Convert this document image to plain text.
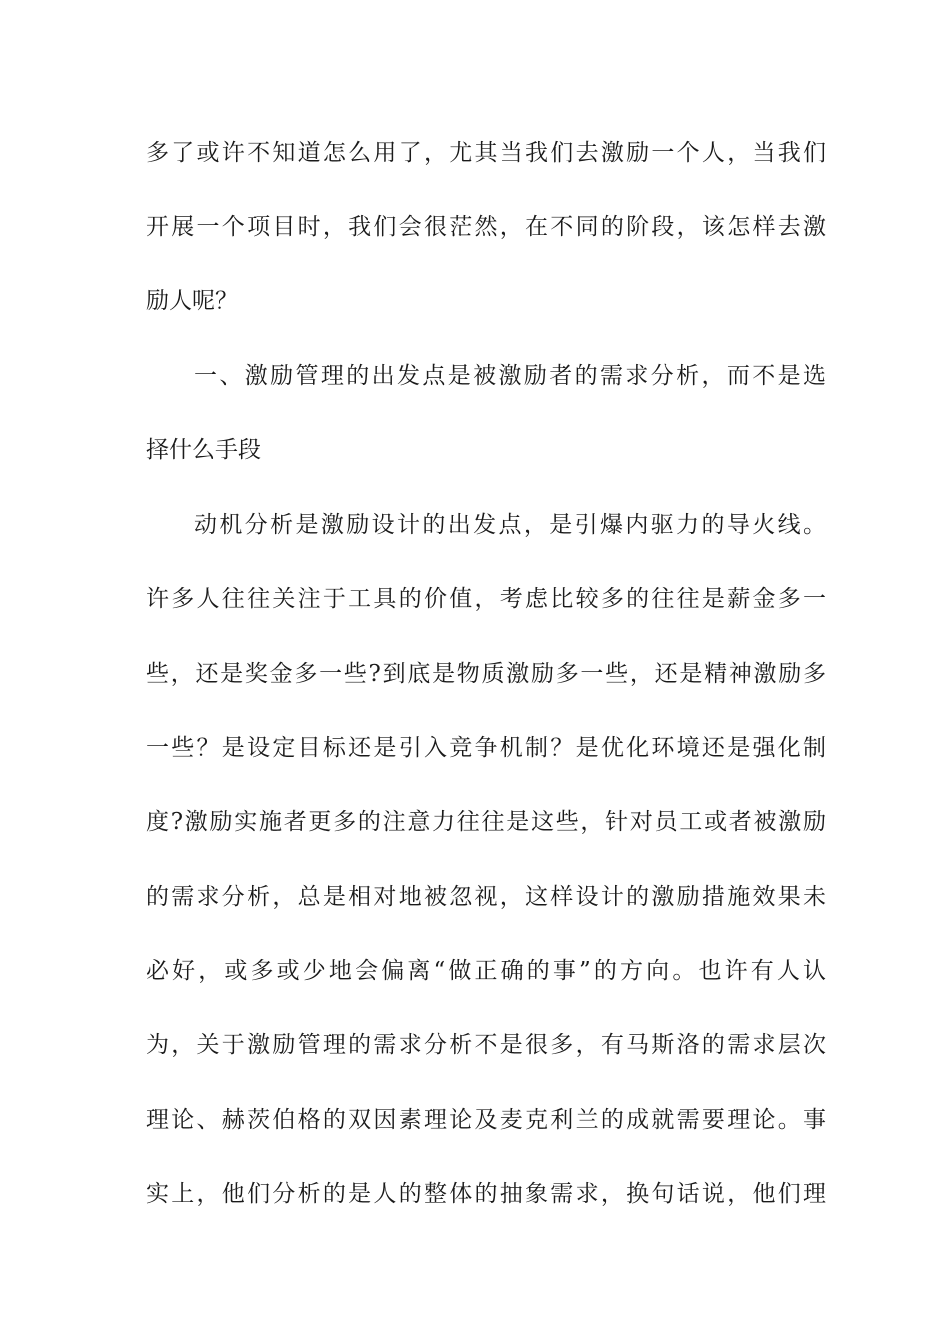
多了或许不知道怎么用了，尤其当我们去激励一个人，当我们
开展一个项目时，我们会很茫然，在不同的阶段，该怎样去激
励人呢？
一、激励管理的出发点是被激励者的需求分析，而不是选
择什么手段
动机分析是激励设计的出发点，是引爆内驱力的导火线。
许多人往往关注于工具的价值，考虑比较多的往往是薪金多一
些，还是奖金多一些?到底是物质激励多一些，还是精神激励多
一些？是设定目标还是引入竞争机制？是优化环境还是强化制
度?激励实施者更多的注意力往往是这些，针对员工或者被激励
的需求分析，总是相对地被忽视，这样设计的激励措施效果未
必好，或多或少地会偏离“做正确的事”的方向。也许有人认
为，关于激励管理的需求分析不是很多，有马斯洛的需求层次
理论、赫茨伯格的双因素理论及麦克利兰的成就需要理论。事
实上，他们分析的是人的整体的抽象需求，换句话说，他们理
